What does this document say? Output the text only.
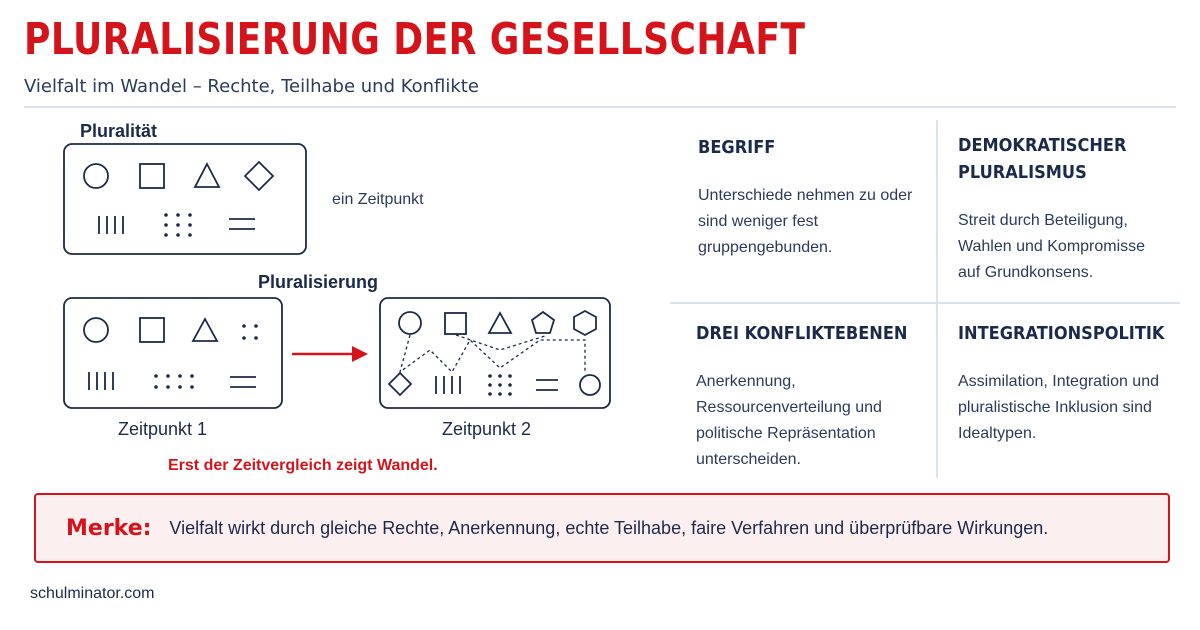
PLURALISIERUNG DER GESELLSCHAFT
Vielfalt im Wandel – Rechte, Teilhabe und Konflikte
Pluralität
ein Zeitpunkt
Pluralisierung
Zeitpunkt 1	Zeitpunkt 2
Erst der Zeitvergleich zeigt Wandel.
BEGRIFF

Unterschiede nehmen zu oder sind weniger fest gruppengebunden.

DEMOKRATISCHER PLURALISMUS

Streit durch Beteiligung, Wahlen und Kompromisse auf Grundkonsens.

DREI KONFLIKTEBENEN

Anerkennung, Ressourcenverteilung und politische Repräsentation unterscheiden.

INTEGRATIONSPOLITIK

Assimilation, Integration und pluralistische Inklusion sind Idealtypen.

Merke: Vielfalt wirkt durch gleiche Rechte, Anerkennung, echte Teilhabe, faire Verfahren und überprüfbare Wirkungen.
schulminator.com
